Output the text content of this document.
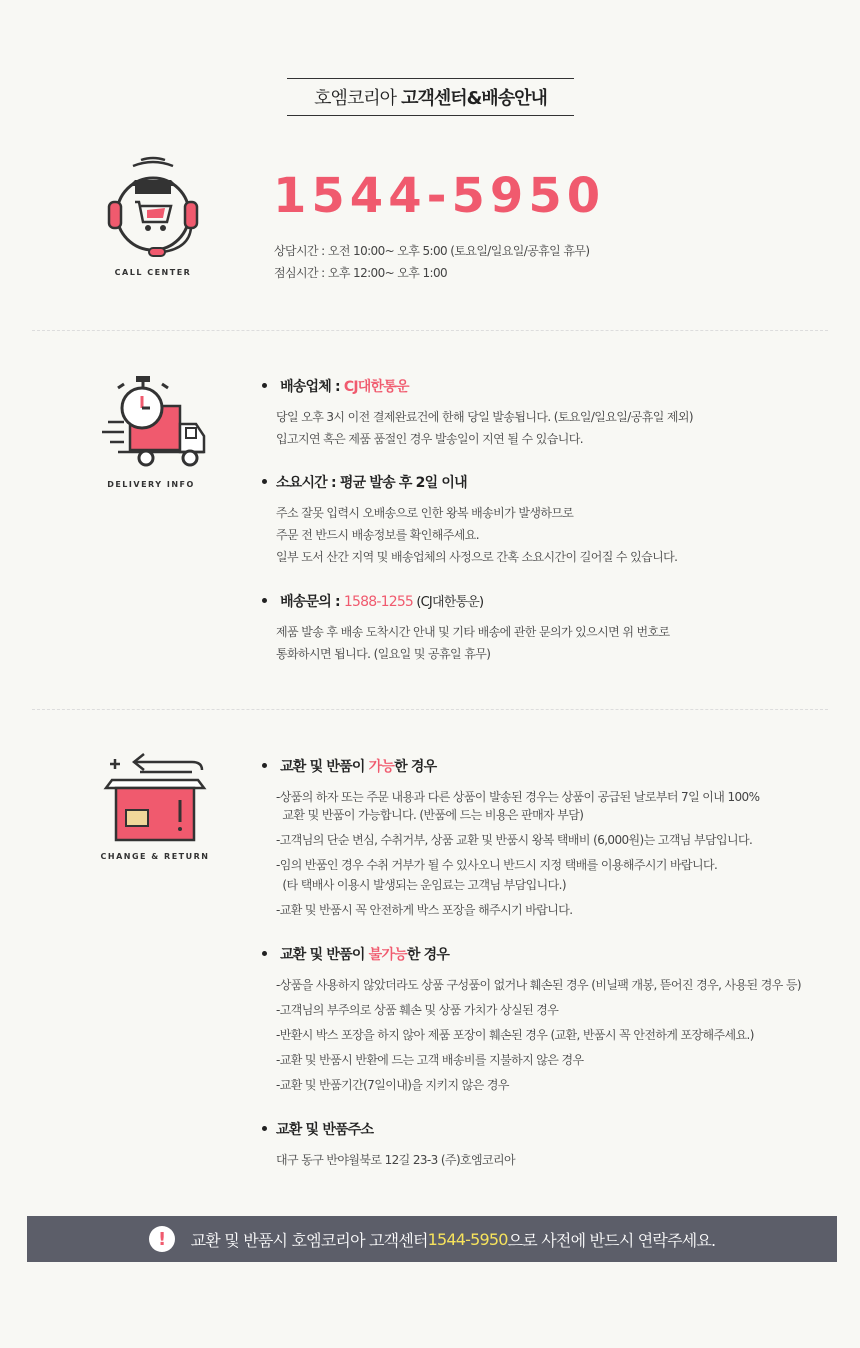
호엠코리아 고객센터&배송안내
CALL CENTER
1544-5950
상담시간 : 오전 10:00~ 오후 5:00 (토요일/일요일/공휴일 휴무)
점심시간 : 오후 12:00~ 오후 1:00
DELIVERY INFO
배송업체 : CJ대한통운
당일 오후 3시 이전 결제완료건에 한해 당일 발송됩니다. (토요일/일요일/공휴일 제외)
입고지연 혹은 제품 품절인 경우 발송일이 지연 될 수 있습니다.
소요시간 : 평균 발송 후 2일 이내
주소 잘못 입력시 오배송으로 인한 왕복 배송비가 발생하므로
주문 전 반드시 배송정보를 확인해주세요.
일부 도서 산간 지역 및 배송업체의 사정으로 간혹 소요시간이 길어질 수 있습니다.
배송문의 : 1588-1255 (CJ대한통운)
제품 발송 후 배송 도착시간 안내 및 기타 배송에 관한 문의가 있으시면 위 번호로
통화하시면 됩니다. (일요일 및 공휴일 휴무)
CHANGE & RETURN
교환 및 반품이 가능한 경우
-상품의 하자 또는 주문 내용과 다른 상품이 발송된 경우는 상품이 공급된 날로부터 7일 이내 100%
교환 및 반품이 가능합니다. (반품에 드는 비용은 판매자 부담)
-고객님의 단순 변심, 수취거부, 상품 교환 및 반품시 왕복 택배비 (6,000원)는 고객님 부담입니다.
-임의 반품인 경우 수취 거부가 될 수 있사오니 반드시 지정 택배를 이용해주시기 바랍니다.
(타 택배사 이용시 발생되는 운임료는 고객님 부담입니다.)
-교환 및 반품시 꼭 안전하게 박스 포장을 해주시기 바랍니다.
교환 및 반품이 불가능한 경우
-상품을 사용하지 않았더라도 상품 구성품이 없거나 훼손된 경우 (비닐팩 개봉, 뜯어진 경우, 사용된 경우 등)
-고객님의 부주의로 상품 훼손 및 상품 가치가 상실된 경우
-반환시 박스 포장을 하지 않아 제품 포장이 훼손된 경우 (교환, 반품시 꼭 안전하게 포장해주세요.)
-교환 및 반품시 반환에 드는 고객 배송비를 지불하지 않은 경우
-교환 및 반품기간(7일이내)을 지키지 않은 경우
교환 및 반품주소
대구 동구 반야월북로 12길 23-3 (주)호엠코리아
!	교환 및 반품시 호엠코리아 고객센터 1544-5950 으로 사전에 반드시 연락주세요.
